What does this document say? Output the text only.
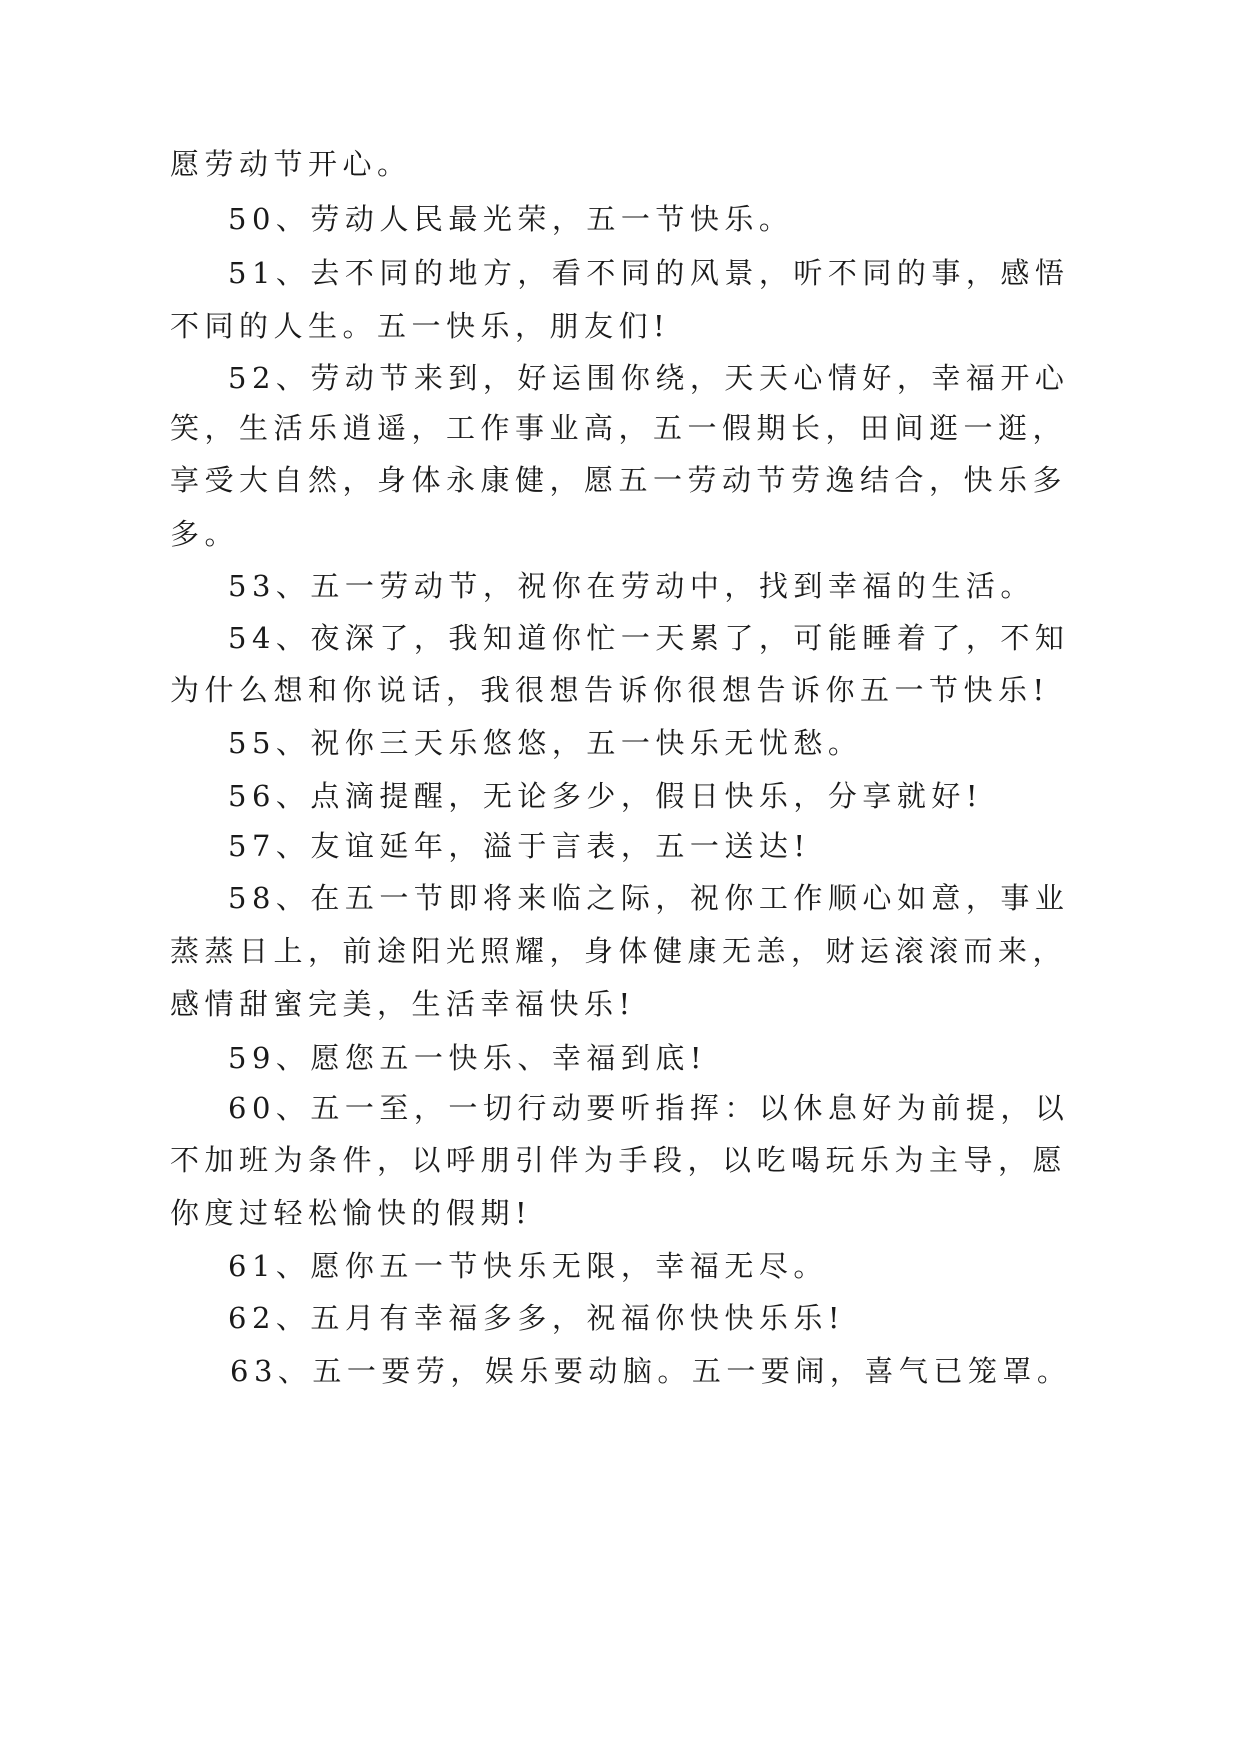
愿劳动节开心。
50、劳动人民最光荣，五一节快乐。
51、去不同的地方，看不同的风景，听不同的事，感悟
不同的人生。五一快乐，朋友们!
52、劳动节来到，好运围你绕，天天心情好，幸福开心
笑，生活乐逍遥，工作事业高，五一假期长，田间逛一逛，
享受大自然，身体永康健，愿五一劳动节劳逸结合，快乐多
多。
53、五一劳动节，祝你在劳动中，找到幸福的生活。
54、夜深了，我知道你忙一天累了，可能睡着了，不知
为什么想和你说话，我很想告诉你很想告诉你五一节快乐!
55、祝你三天乐悠悠，五一快乐无忧愁。
56、点滴提醒，无论多少，假日快乐，分享就好!
57、友谊延年，溢于言表，五一送达!
58、在五一节即将来临之际，祝你工作顺心如意，事业
蒸蒸日上，前途阳光照耀，身体健康无恙，财运滚滚而来，
感情甜蜜完美，生活幸福快乐!
59、愿您五一快乐、幸福到底!
60、五一至，一切行动要听指挥：以休息好为前提，以
不加班为条件，以呼朋引伴为手段，以吃喝玩乐为主导，愿
你度过轻松愉快的假期!
61、愿你五一节快乐无限，幸福无尽。
62、五月有幸福多多，祝福你快快乐乐!
63、五一要劳，娱乐要动脑。五一要闹，喜气已笼罩。
